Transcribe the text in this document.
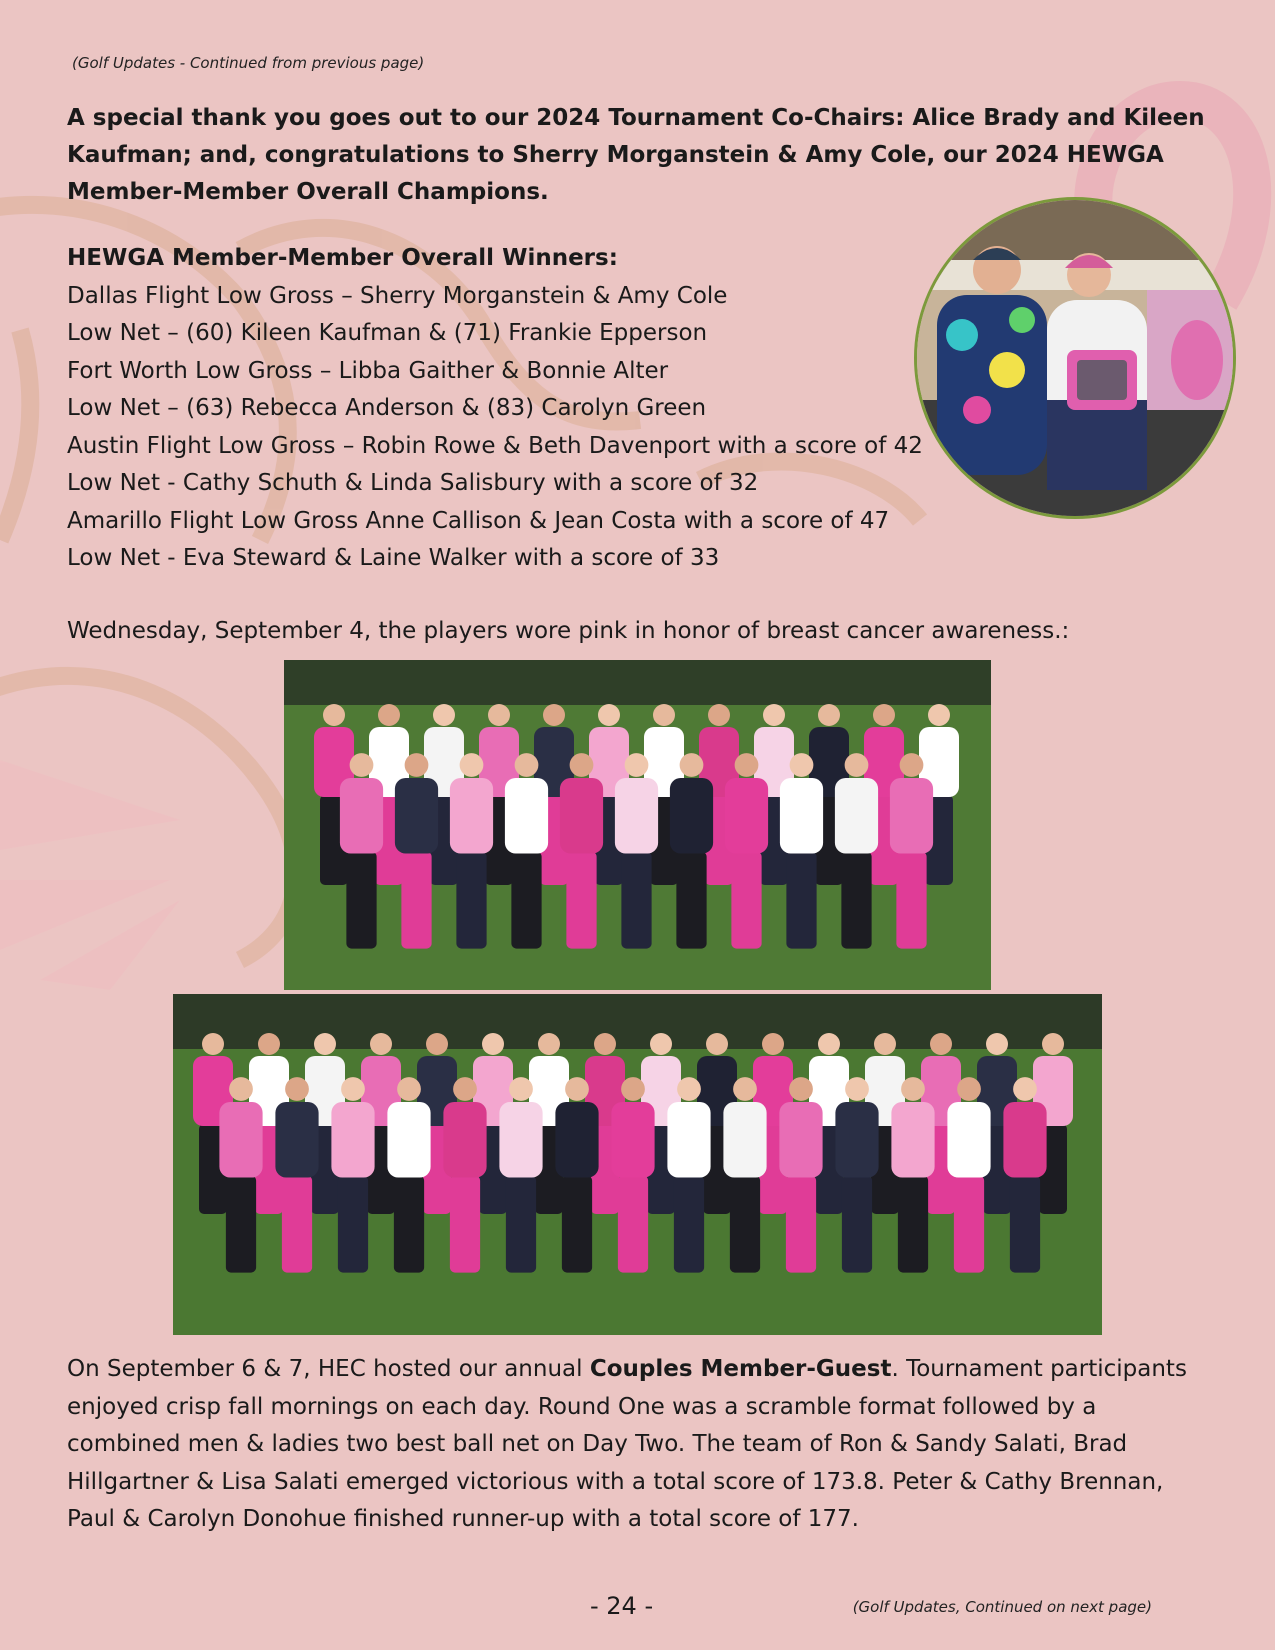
(Golf Updates - Continued from previous page)

A special thank you goes out to our 2024 Tournament Co-Chairs: Alice Brady and Kileen Kaufman; and, congratulations to Sherry Morganstein & Amy Cole, our 2024 HEWGA Member-Member Overall Champions.

HEWGA Member-Member Overall Winners:
Dallas Flight Low Gross – Sherry Morganstein & Amy Cole
Low Net – (60) Kileen Kaufman & (71) Frankie Epperson
Fort Worth Low Gross – Libba Gaither & Bonnie Alter
Low Net – (63) Rebecca Anderson & (83) Carolyn Green
Austin Flight Low Gross – Robin Rowe & Beth Davenport with a score of 42
Low Net - Cathy Schuth & Linda Salisbury with a score of 32
Amarillo Flight Low Gross Anne Callison & Jean Costa with a score of 47
Low Net - Eva Steward & Laine Walker with a score of 33

Wednesday, September 4, the players wore pink in honor of breast cancer awareness.:

On September 6 & 7, HEC hosted our annual Couples Member-Guest. Tournament participants enjoyed crisp fall mornings on each day. Round One was a scramble format followed by a combined men & ladies two best ball net on Day Two. The team of Ron & Sandy Salati, Brad Hillgartner & Lisa Salati emerged victorious with a total score of 173.8. Peter & Cathy Brennan, Paul & Carolyn Donohue finished runner-up with a total score of 177.

- 24 -	(Golf Updates, Continued on next page)
